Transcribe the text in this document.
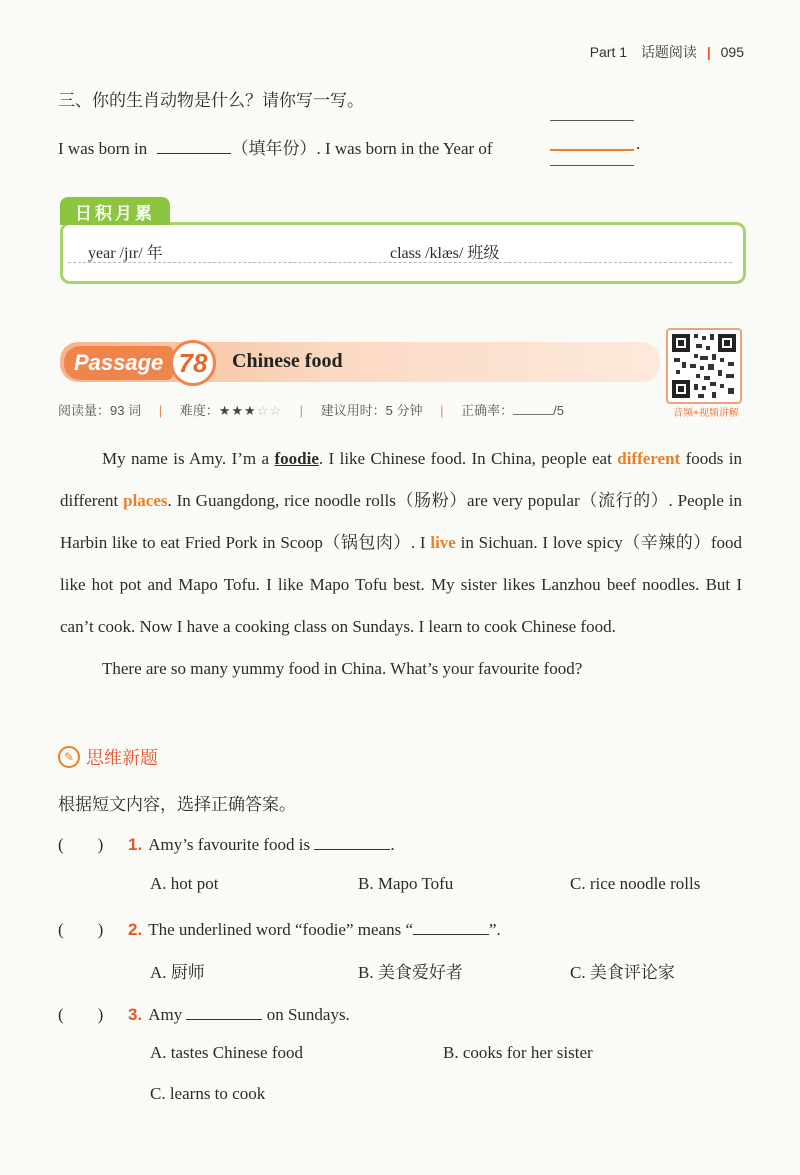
Part 1 话题阅读 | 095
三、你的生肖动物是什么？请你写一写。
I was born in	（填年份）. I was born in the Year of	.
日积月累
year /jɪr/ 年	class /klæs/ 班级
Passage 78	Chinese food
音频+视频讲解
阅读量：93 词 | 难度：★★★☆☆ | 建议用时：5 分钟 | 正确率：	/5

My name is Amy. I’m a foodie. I like Chinese food. In China, people eat different foods in different places. In Guangdong, rice noodle rolls（肠粉）are very popular（流行的）. People in Harbin like to eat Fried Pork in Scoop（锅包肉）. I live in Sichuan. I love spicy（辛辣的）food like hot pot and Mapo Tofu. I like Mapo Tofu best. My sister likes Lanzhou beef noodles. But I can’t cook. Now I have a cooking class on Sundays. I learn to cook Chinese food.

There are so many yummy food in China. What’s your favourite food?

✎ 思维新题
根据短文内容，选择正确答案。
(　　) 1. Amy’s favourite food is	.
A. hot pot	B. Mapo Tofu	C. rice noodle rolls
(　　) 2. The underlined word “foodie” means “	”.
A. 厨师	B. 美食爱好者	C. 美食评论家
(　　) 3. Amy	on Sundays.
A. tastes Chinese food	B. cooks for her sister
C. learns to cook
